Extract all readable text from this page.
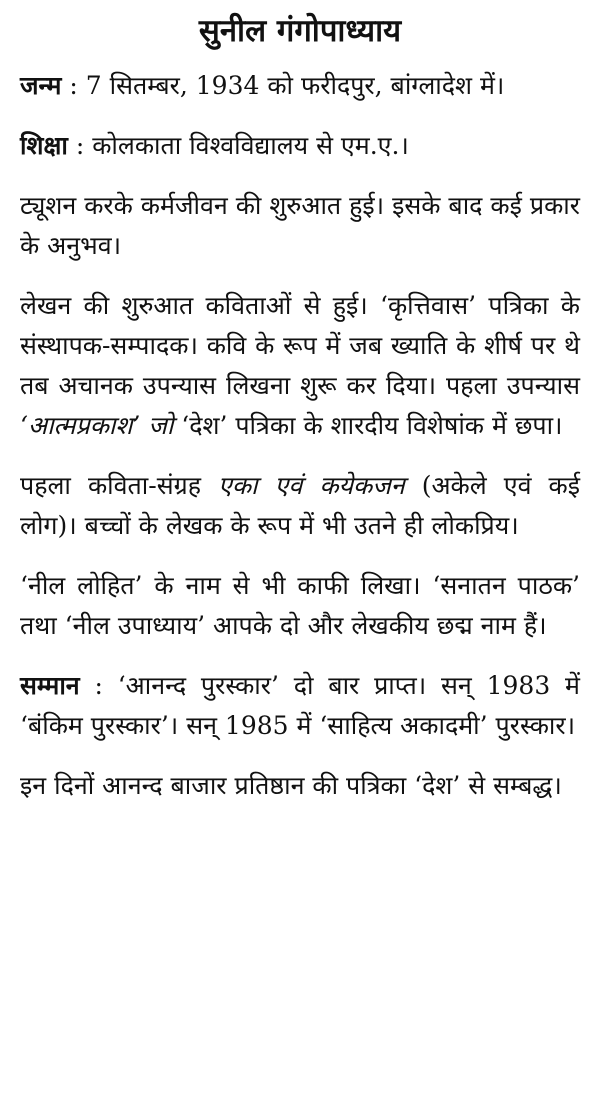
सुनील गंगोपाध्याय

जन्म : 7 सितम्बर, 1934 को फरीदपुर, बांग्लादेश में।

शिक्षा : कोलकाता विश्वविद्यालय से एम.ए.।

ट्यूशन करके कर्मजीवन की शुरुआत हुई। इसके बाद कई प्रकार के अनुभव।

लेखन की शुरुआत कविताओं से हुई। ‘कृत्तिवास’ पत्रिका के संस्थापक-सम्पादक। कवि के रूप में जब ख्याति के शीर्ष पर थे तब अचानक उपन्यास लिखना शुरू कर दिया। पहला उपन्यास ‘आत्मप्रकाश’ जो ‘देश’ पत्रिका के शारदीय विशेषांक में छपा।

पहला कविता-संग्रह एका एवं कयेकजन (अकेले एवं कई लोग)। बच्चों के लेखक के रूप में भी उतने ही लोकप्रिय।

‘नील लोहित’ के नाम से भी काफी लिखा। ‘सनातन पाठक’ तथा ‘नील उपाध्याय’ आपके दो और लेखकीय छद्म नाम हैं।

सम्मान : ‘आनन्द पुरस्कार’ दो बार प्राप्त। सन् 1983 में ‘बंकिम पुरस्कार’। सन् 1985 में ‘साहित्य अकादमी’ पुरस्कार।

इन दिनों आनन्द बाजार प्रतिष्ठान की पत्रिका ‘देश’ से सम्बद्ध।
